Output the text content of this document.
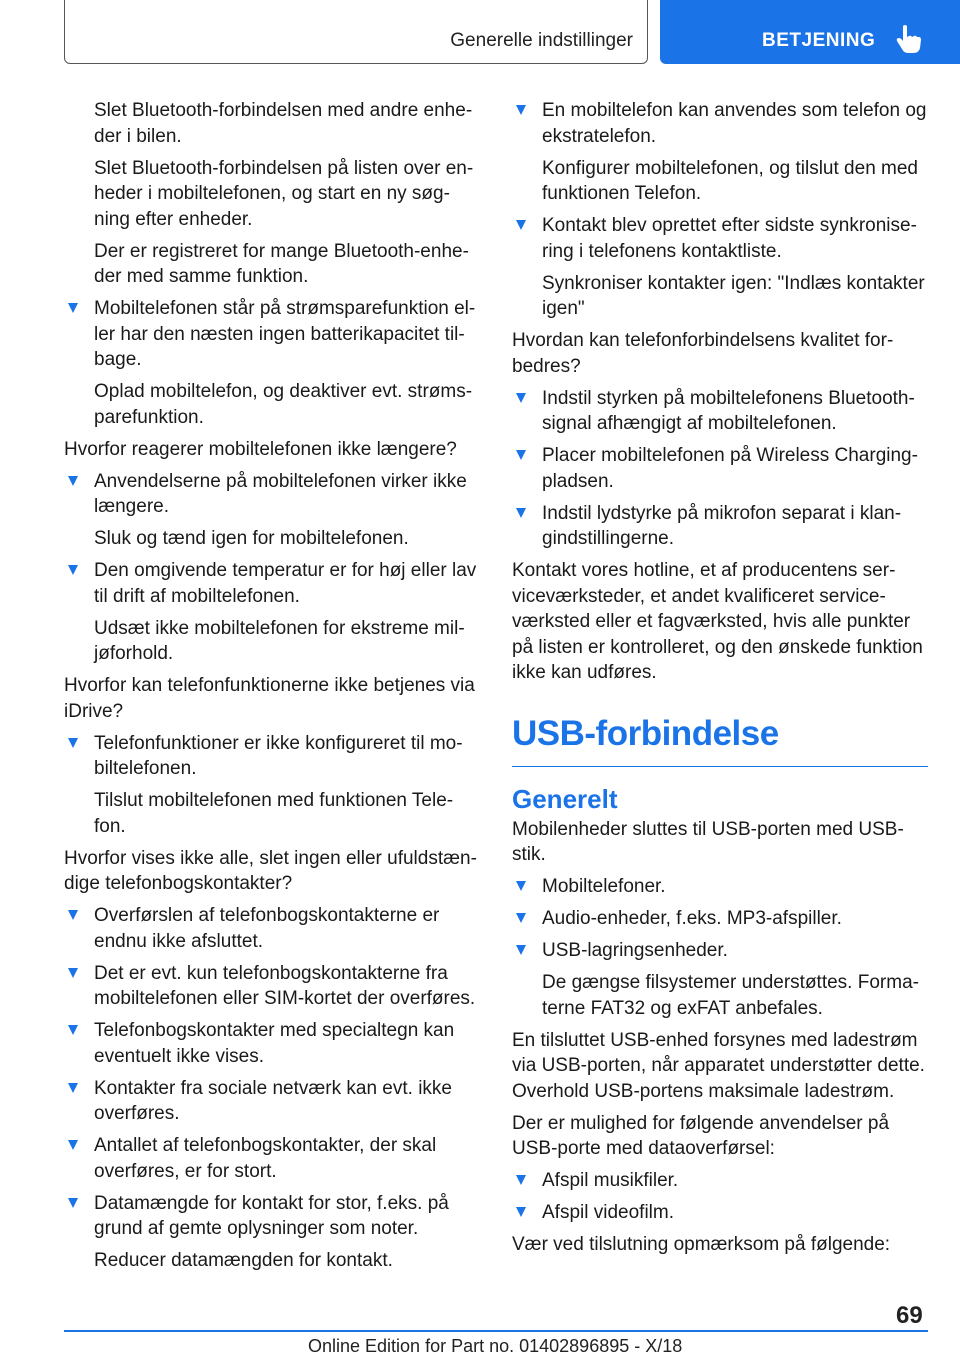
Generelle indstillinger	BETJENING
Slet Bluetooth-forbindelsen med andre enheder i bilen.
Slet Bluetooth-forbindelsen på listen over enheder i mobiltelefonen, og start en ny søgning efter enheder.
Der er registreret for mange Bluetooth-enheder med samme funktion.
Mobiltelefonen står på strømsparefunktion eller har den næsten ingen batterikapacitet tilbage.
Oplad mobiltelefon, og deaktiver evt. strømsparefunktion.
Hvorfor reagerer mobiltelefonen ikke længere?
Anvendelserne på mobiltelefonen virker ikke længere.
Sluk og tænd igen for mobiltelefonen.
Den omgivende temperatur er for høj eller lav til drift af mobiltelefonen.
Udsæt ikke mobiltelefonen for ekstreme miljøforhold.
Hvorfor kan telefonfunktionerne ikke betjenes via iDrive?
Telefonfunktioner er ikke konfigureret til mobiltelefonen.
Tilslut mobiltelefonen med funktionen Telefon.
Hvorfor vises ikke alle, slet ingen eller ufuldstændige telefonbogskontakter?
Overførslen af telefonbogskontakterne er endnu ikke afsluttet.
Det er evt. kun telefonbogskontakterne fra mobiltelefonen eller SIM-kortet der overføres.
Telefonbogskontakter med specialtegn kan eventuelt ikke vises.
Kontakter fra sociale netværk kan evt. ikke overføres.
Antallet af telefonbogskontakter, der skal overføres, er for stort.
Datamængde for kontakt for stor, f.eks. på grund af gemte oplysninger som noter.
Reducer datamængden for kontakt.
En mobiltelefon kan anvendes som telefon og ekstratelefon.
Konfigurer mobiltelefonen, og tilslut den med funktionen Telefon.
Kontakt blev oprettet efter sidste synkronisering i telefonens kontaktliste.
Synkroniser kontakter igen: "Indlæs kontakter igen"
Hvordan kan telefonforbindelsens kvalitet forbedres?
Indstil styrken på mobiltelefonens Bluetooth-signal afhængigt af mobiltelefonen.
Placer mobiltelefonen på Wireless Charging-pladsen.
Indstil lydstyrke på mikrofon separat i klangindstillingerne.
Kontakt vores hotline, et af producentens serviceværksteder, et andet kvalificeret serviceværksted eller et fagværksted, hvis alle punkter på listen er kontrolleret, og den ønskede funktion ikke kan udføres.
USB-forbindelse
Generelt
Mobilenheder sluttes til USB-porten med USB-stik.
Mobiltelefoner.
Audio-enheder, f.eks. MP3-afspiller.
USB-lagringsenheder.
De gængse filsystemer understøttes. Formaterne FAT32 og exFAT anbefales.
En tilsluttet USB-enhed forsynes med ladestrøm via USB-porten, når apparatet understøtter dette. Overhold USB-portens maksimale ladestrøm.
Der er mulighed for følgende anvendelser på USB-porte med dataoverførsel:
Afspil musikfiler.
Afspil videofilm.
Vær ved tilslutning opmærksom på følgende:
69
Online Edition for Part no. 01402896895 - X/18
